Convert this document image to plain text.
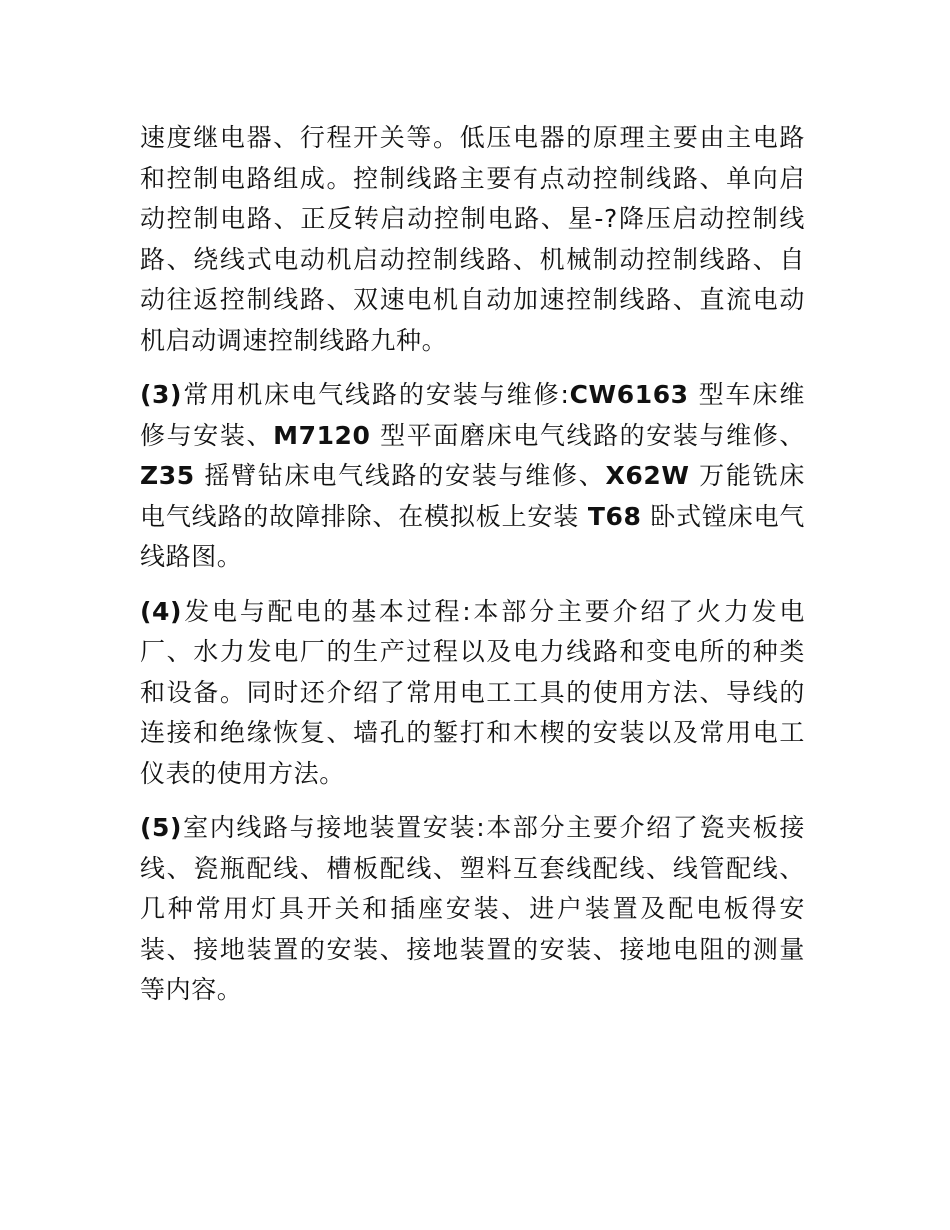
速度继电器、行程开关等。低压电器的原理主要由主电路和控制电路组成。控制线路主要有点动控制线路、单向启动控制电路、正反转启动控制电路、星-?降压启动控制线路、绕线式电动机启动控制线路、机械制动控制线路、自动往返控制线路、双速电机自动加速控制线路、直流电动机启动调速控制线路九种。

(3)常用机床电气线路的安装与维修:CW6163 型车床维修与安装、M7120 型平面磨床电气线路的安装与维修、Z35 摇臂钻床电气线路的安装与维修、X62W 万能铣床电气线路的故障排除、在模拟板上安装 T68 卧式镗床电气线路图。

(4)发电与配电的基本过程:本部分主要介绍了火力发电厂、水力发电厂的生产过程以及电力线路和变电所的种类和设备。同时还介绍了常用电工工具的使用方法、导线的连接和绝缘恢复、墙孔的錾打和木楔的安装以及常用电工仪表的使用方法。

(5)室内线路与接地装置安装:本部分主要介绍了瓷夹板接线、瓷瓶配线、槽板配线、塑料互套线配线、线管配线、几种常用灯具开关和插座安装、进户装置及配电板得安装、接地装置的安装、接地装置的安装、接地电阻的测量等内容。
